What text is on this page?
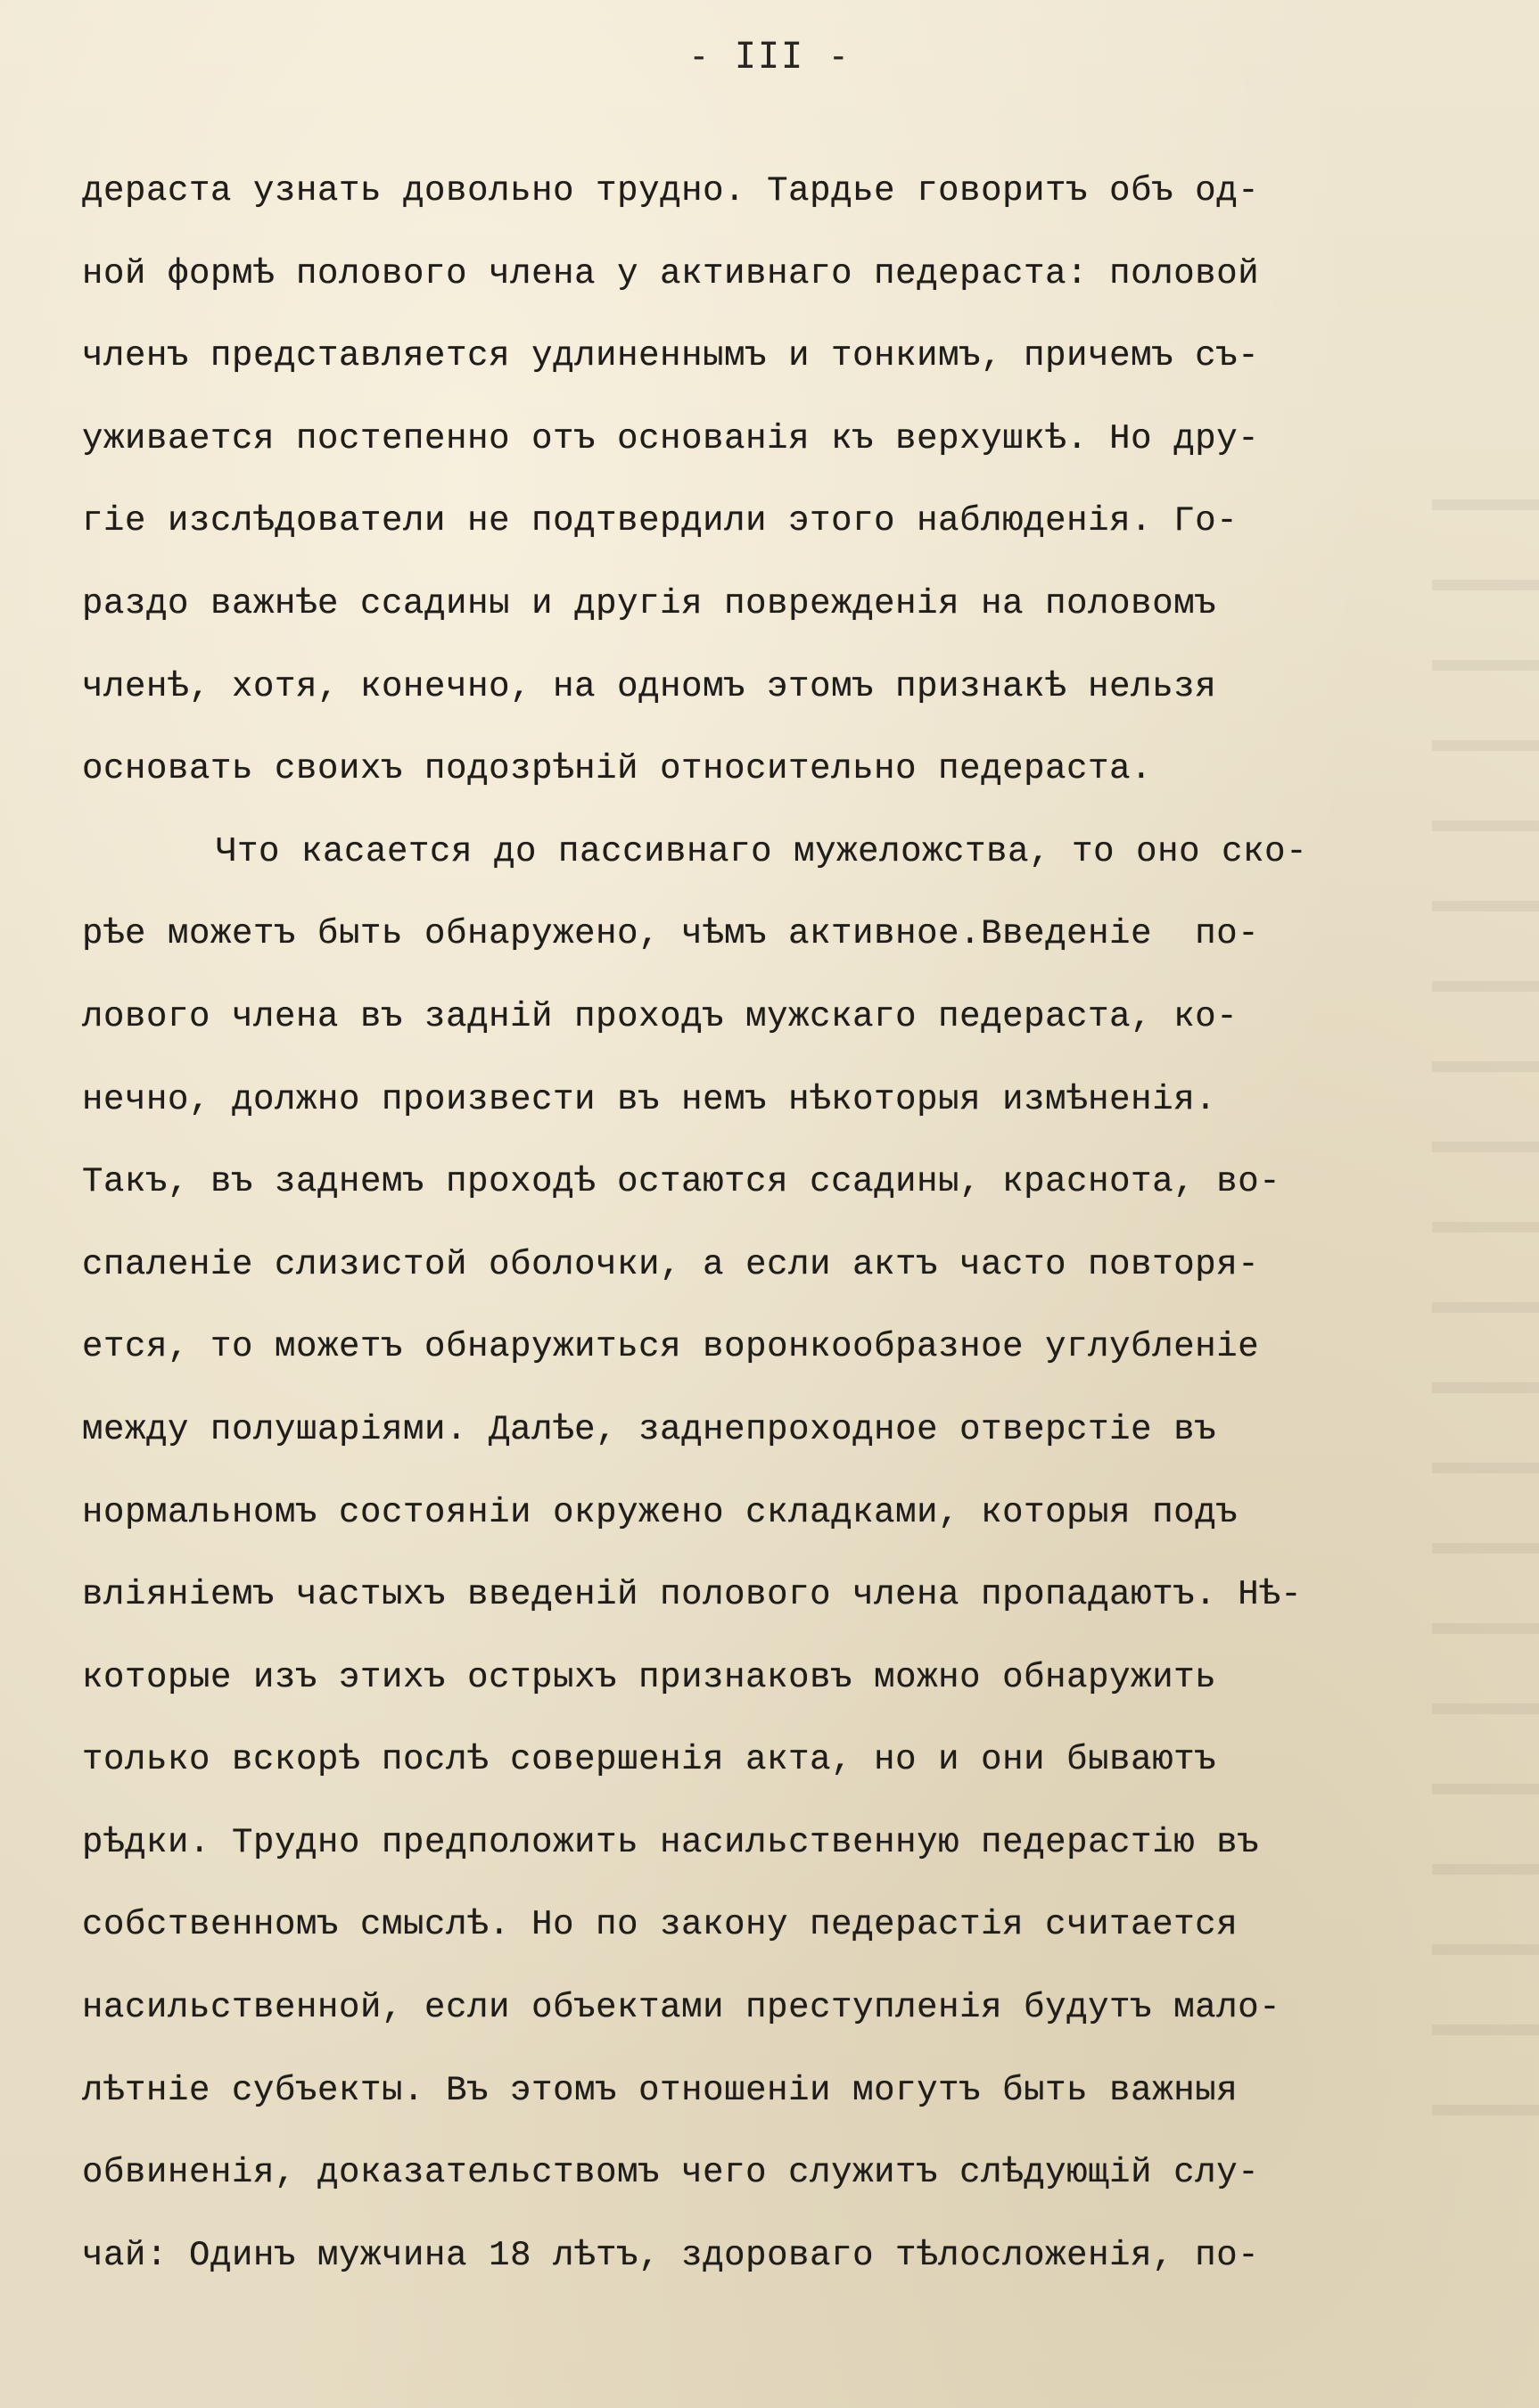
- III -
дераста узнать довольно трудно. Тардье говоритъ объ од-
ной формѣ полового члена у активнаго педераста: половой
членъ представляется удлиненнымъ и тонкимъ, причемъ съ-
уживается постепенно отъ основанія къ верхушкѣ. Но дру-
гіе изслѣдователи не подтвердили этого наблюденія. Го-
раздо важнѣе ссадины и другія поврежденія на половомъ
членѣ, хотя, конечно, на одномъ этомъ признакѣ нельзя
основать своихъ подозрѣній относительно педераста.
Что касается до пассивнаго мужеложства, то оно ско-
рѣе можетъ быть обнаружено, чѣмъ активное.Введеніе  по-
лового члена въ задній проходъ мужскаго педераста, ко-
нечно, должно произвести въ немъ нѣкоторыя измѣненія.
Такъ, въ заднемъ проходѣ остаются ссадины, краснота, во-
спаленіе слизистой оболочки, а если актъ часто повторя-
ется, то можетъ обнаружиться воронкообразное углубленіе
между полушаріями. Далѣе, заднепроходное отверстіе въ
нормальномъ состояніи окружено складками, которыя подъ
вліяніемъ частыхъ введеній полового члена пропадаютъ. Нѣ-
которые изъ этихъ острыхъ признаковъ можно обнаружить
только вскорѣ послѣ совершенія акта, но и они бываютъ
рѣдки. Трудно предположить насильственную педерастію въ
собственномъ смыслѣ. Но по закону педерастія считается
насильственной, если объектами преступленія будутъ мало-
лѣтніе субъекты. Въ этомъ отношеніи могутъ быть важныя
обвиненія, доказательствомъ чего служитъ слѣдующій слу-
чай: Одинъ мужчина 18 лѣтъ, здороваго тѣлосложенія, по-
